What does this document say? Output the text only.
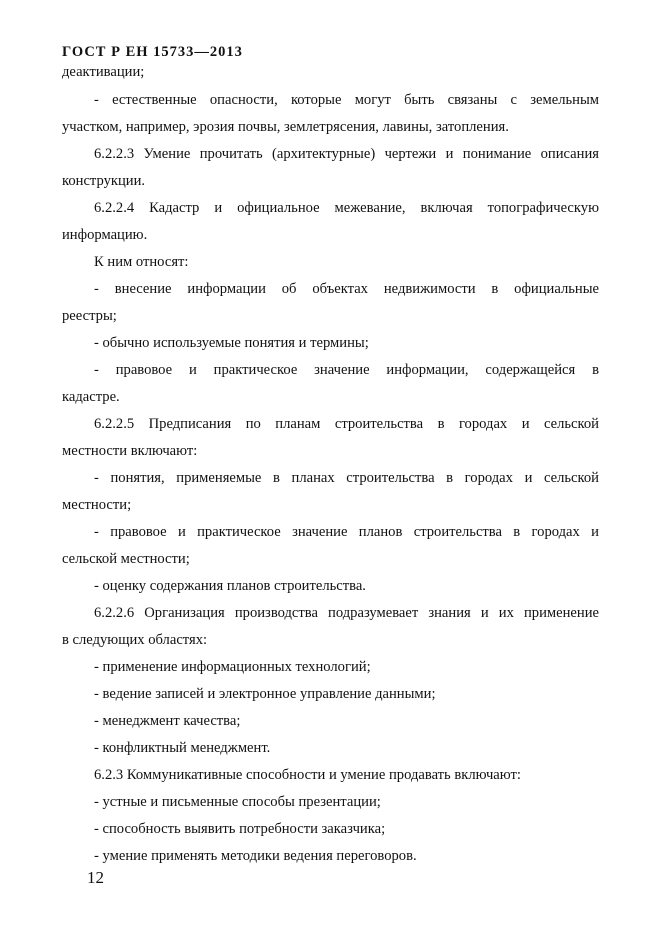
ГОСТ Р ЕН 15733—2013
деактивации;
- естественные опасности, которые могут быть связаны с земельным
участком, например, эрозия почвы, землетрясения, лавины, затопления.
6.2.2.3 Умение прочитать (архитектурные) чертежи и понимание описания
конструкции.
6.2.2.4 Кадастр и официальное межевание, включая топографическую
информацию.
К ним относят:
- внесение информации об объектах недвижимости в официальные
реестры;
- обычно используемые понятия и термины;
- правовое и практическое значение информации, содержащейся в
кадастре.
6.2.2.5 Предписания по планам строительства в городах и сельской
местности включают:
- понятия, применяемые в планах строительства в городах и сельской
местности;
- правовое и практическое значение планов строительства в городах и
сельской местности;
- оценку содержания планов строительства.
6.2.2.6 Организация производства подразумевает знания и их применение
в следующих областях:
- применение информационных технологий;
- ведение записей и электронное управление данными;
- менеджмент качества;
- конфликтный менеджмент.
6.2.3 Коммуникативные способности и умение продавать включают:
- устные и письменные способы презентации;
- способность выявить потребности заказчика;
- умение применять методики ведения переговоров.
12
